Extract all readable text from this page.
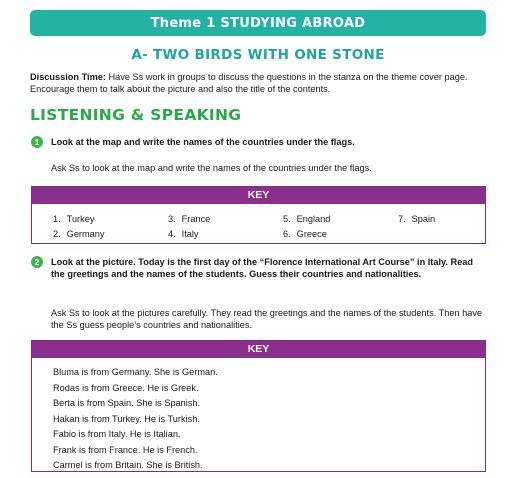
Theme 1 STUDYING ABROAD
A- TWO BIRDS WITH ONE STONE
Discussion Time: Have Ss work in groups to discuss the questions in the stanza on the theme cover page. Encourage them to talk about the picture and also the title of the contents.
LISTENING & SPEAKING
1 Look at the map and write the names of the countries under the flags.
Ask Ss to look at the map and write the names of the countries under the flags.
KEY
1. Turkey
2. Germany
3. France
4. Italy
5. England
6. Greece
7. Spain
2 Look at the picture. Today is the first day of the “Florence International Art Course” in Italy. Read the greetings and the names of the students. Guess their countries and nationalities.
Ask Ss to look at the pictures carefully. They read the greetings and the names of the students. Then have the Ss guess people’s countries and nationalities.
KEY
Bluma is from Germany. She is German.
Rodas is from Greece. He is Greek.
Berta is from Spain. She is Spanish.
Hakan is from Turkey. He is Turkish.
Fabio is from Italy. He is Italian.
Frank is from France. He is French.
Carmel is from Britain. She is British.
